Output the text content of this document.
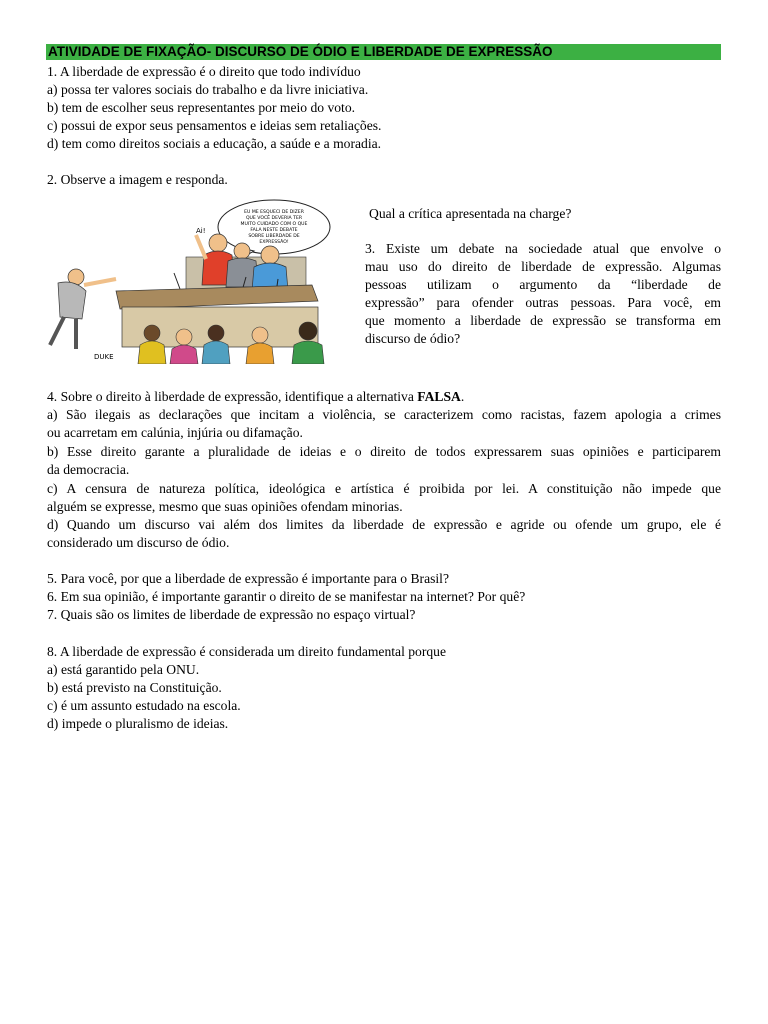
ATIVIDADE DE FIXAÇÃO- DISCURSO DE ÓDIO E LIBERDADE DE EXPRESSÃO
1. A liberdade de expressão é o direito que todo indivíduo
a) possa ter valores sociais do trabalho e da livre iniciativa.
b) tem de escolher seus representantes por meio do voto.
c) possui de expor seus pensamentos e ideias sem retaliações.
d) tem como direitos sociais a educação, a saúde e a moradia.
2. Observe a imagem e responda.
Qual a crítica apresentada na charge?
EU ME ESQUECI DE DIZER
QUE VOCÊ DEVERIA TER
MUITO CUIDADO COM O QUE
FALA NESTE DEBATE
SOBRE LIBERDADE DE
EXPRESSÃO!
Ai!
DUKE
3. Existe um debate na sociedade atual que envolve o
mau uso do direito de liberdade de expressão. Algumas
pessoas utilizam o argumento da “liberdade de
expressão” para ofender outras pessoas. Para você, em
que momento a liberdade de expressão se transforma em
discurso de ódio?
4. Sobre o direito à liberdade de expressão, identifique a alternativa FALSA.
a) São ilegais as declarações que incitam a violência, se caracterizem como racistas, fazem apologia a crimes
ou acarretam em calúnia, injúria ou difamação.
b) Esse direito garante a pluralidade de ideias e o direito de todos expressarem suas opiniões e participarem
da democracia.
c) A censura de natureza política, ideológica e artística é proibida por lei. A constituição não impede que
alguém se expresse, mesmo que suas opiniões ofendam minorias.
d) Quando um discurso vai além dos limites da liberdade de expressão e agride ou ofende um grupo, ele é
considerado um discurso de ódio.
5. Para você, por que a liberdade de expressão é importante para o Brasil?
6. Em sua opinião, é importante garantir o direito de se manifestar na internet? Por quê?
7. Quais são os limites de liberdade de expressão no espaço virtual?
8. A liberdade de expressão é considerada um direito fundamental porque
a) está garantido pela ONU.
b) está previsto na Constituição.
c) é um assunto estudado na escola.
d) impede o pluralismo de ideias.
